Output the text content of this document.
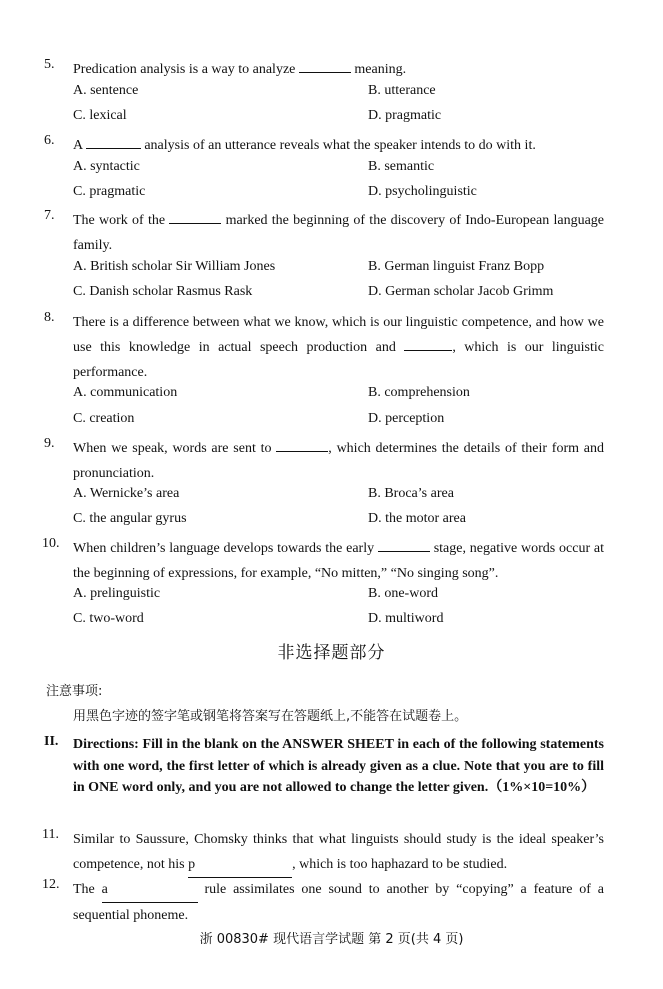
5. Predication analysis is a way to analyze	meaning.
A. sentence	B. utterance
C. lexical	D. pragmatic
6. A	analysis of an utterance reveals what the speaker intends to do with it.
A. syntactic	B. semantic
C. pragmatic	D. psycholinguistic
7. The work of the	marked the beginning of the discovery of Indo-European language family.
A. British scholar Sir William Jones	B. German linguist Franz Bopp
C. Danish scholar Rasmus Rask	D. German scholar Jacob Grimm
8. There is a difference between what we know, which is our linguistic competence, and how we use this knowledge in actual speech production and	, which is our linguistic performance.
A. communication	B. comprehension
C. creation	D. perception
9. When we speak, words are sent to	, which determines the details of their form and pronunciation.
A. Wernicke’s area	B. Broca’s area
C. the angular gyrus	D. the motor area
10. When children’s language develops towards the early	stage, negative words occur at the beginning of expressions, for example, “No mitten,” “No singing song”.
A. prelinguistic	B. one-word
C. two-word	D. multiword
非选择题部分
注意事项:
用黑色字迹的签字笔或钢笔将答案写在答题纸上,不能答在试题卷上。
II. Directions: Fill in the blank on the ANSWER SHEET in each of the following statements with one word, the first letter of which is already given as a clue. Note that you are to fill in ONE word only, and you are not allowed to change the letter given.（1%×10=10%）
11. Similar to Saussure, Chomsky thinks that what linguists should study is the ideal speaker’s competence, not his p	, which is too haphazard to be studied.
12. The a	rule assimilates one sound to another by “copying” a feature of a sequential phoneme.
浙 00830# 现代语言学试题 第 2 页(共 4 页)
